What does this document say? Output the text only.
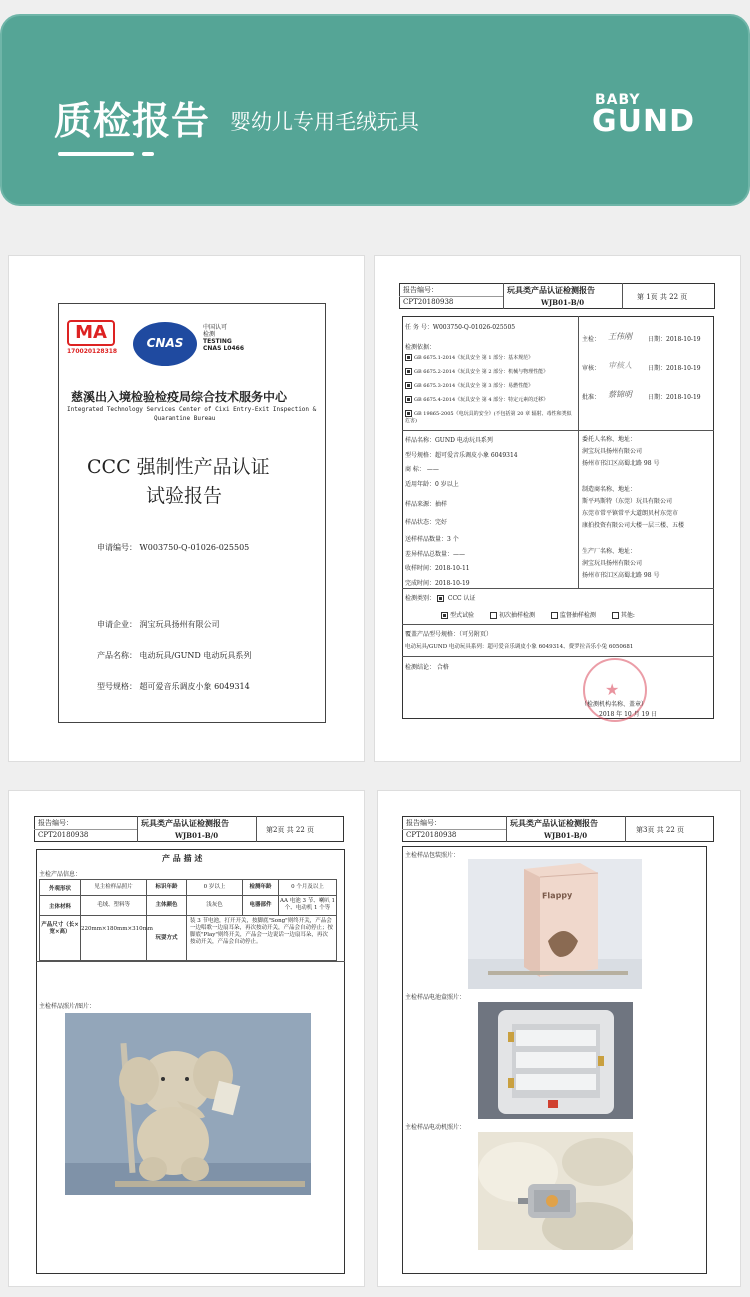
质检报告 婴幼儿专用毛绒玩具
BABY
GUND
MA
170020128318
CNAS
中国认可
检测
TESTING
CNAS L0466
慈溪出入境检验检疫局综合技术服务中心
Integrated Technology Services Center of Cixi Entry-Exit Inspection &
Quarantine Bureau
CCC 强制性产品认证
试验报告
申请编号： W003750-Q-01026-025505
申请企业： 润宝玩具扬州有限公司
产品名称： 电动玩具/GUND 电动玩具系列
型号规格： 超可爱音乐调皮小象 6049314
报告编号：
CPT20180938
玩具类产品认证检测报告
WJB01-B/0
第 1页 共 22 页
任 务 号：W003750-Q-01026-025505
检测依据：
GB 6675.1-2014《玩具安全 第 1 部分：基本规范》
GB 6675.2-2014《玩具安全 第 2 部分：机械与物理性能》
GB 6675.3-2014《玩具安全 第 3 部分：易燃性能》
GB 6675.4-2014《玩具安全 第 4 部分：特定元素的迁移》
GB 19865-2005《电玩具的安全》(不包括第 20 章 辐射、毒性和类似危害)
主检： 王伟刚	日期：2018-10-19
审核： 审核人	日期：2018-10-19
批准： 蔡锦明	日期：2018-10-19
样品名称：GUND 电动玩具系列
型号规格：超可爱音乐调皮小象 6049314
商 标： ——
适用年龄：0 岁以上
样品来源：抽样
样品状态：完好
送样样品数量：3 个
差异样品总数量：——
收样时间：2018-10-11
完成时间：2018-10-19
委托人名称、地址：
润宝玩具扬州有限公司
扬州市邗江区高蜀北路 98 号
制造商名称、地址：
斯平玛斯特（东莞）玩具有限公司
东莞市常平镇常平大道朗贝村东莞市
康拍投资有限公司大楼一层三楼、五楼
生产厂名称、地址：
润宝玩具扬州有限公司
扬州市邗江区高蜀北路 98 号
检测类别： CCC 认证
型式试验	初次抽样检测	监督抽样检测	其他:
覆盖产品型号规格：（可另附页）
电动玩具/GUND 电动玩具系列：超可爱音乐调皮小象 6049314、费罗拉音乐小兔 6050681
检测结论： 合格
★
（检测机构名称、盖章）
2018 年 10 月 19 日
报告编号：
CPT20180938
玩具类产品认证检测报告
WJB01-B/0
第2页 共 22 页
产 品 描 述
主检产品信息：
外观形状	见主检样品照片	标识年龄	0 岁以上	检测年龄	0 个月及以上
主体材料	毛绒、塑料等	主体颜色	浅灰色	电器部件
AA 电池 3 节、喇叭 1 个、电动机 1 个等
产品尺寸（长×宽×高）	220mm×180mm×310mm
玩耍方式
装 3 节电池，打开开关，按脚底"Song"则终开关，产品会一边唱歌一边扇耳朵，再次按动开关，产品会自动停止；按脚底"Play"则终开关，产品会一边说话一边扇耳朵，再次按动开关，产品会自动停止。
主检样品照片/图片：
报告编号：
CPT20180938
玩具类产品认证检测报告
WJB01-B/0
第3页 共 22 页
主检样品包装照片：
Flappy
主检样品电池盒照片：
主检样品电动机照片：
